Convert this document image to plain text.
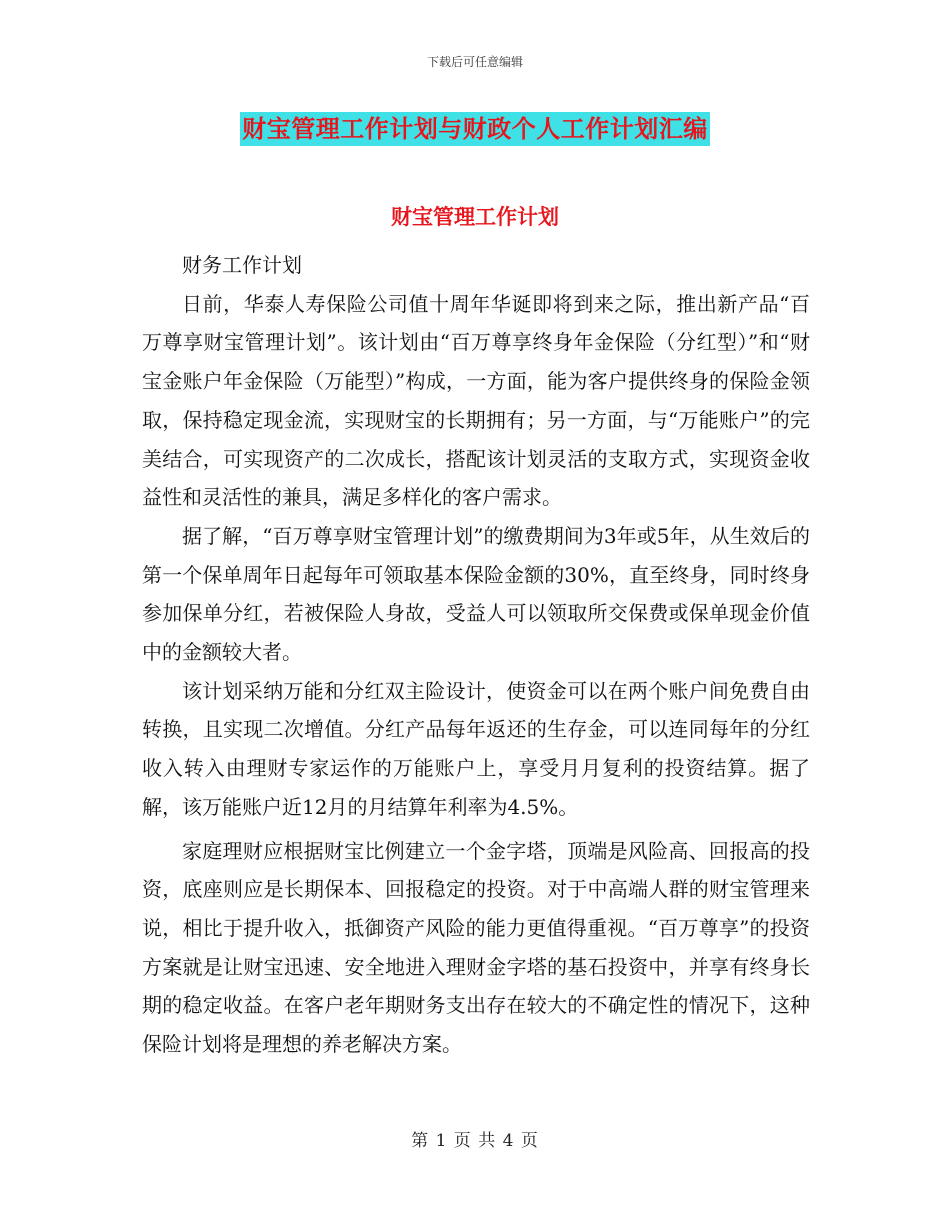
下载后可任意编辑
财宝管理工作计划与财政个人工作计划汇编
财宝管理工作计划

财务工作计划

日前，华泰人寿保险公司值十周年华诞即将到来之际，推出新产品“百万尊享财宝管理计划”。该计划由“百万尊享终身年金保险（分红型）”和“财宝金账户年金保险（万能型）”构成，一方面，能为客户提供终身的保险金领取，保持稳定现金流，实现财宝的长期拥有；另一方面，与“万能账户”的完美结合，可实现资产的二次成长，搭配该计划灵活的支取方式，实现资金收益性和灵活性的兼具，满足多样化的客户需求。

据了解，“百万尊享财宝管理计划”的缴费期间为3年或5年，从生效后的第一个保单周年日起每年可领取基本保险金额的30%，直至终身，同时终身参加保单分红，若被保险人身故，受益人可以领取所交保费或保单现金价值中的金额较大者。

该计划采纳万能和分红双主险设计，使资金可以在两个账户间免费自由转换，且实现二次增值。分红产品每年返还的生存金，可以连同每年的分红收入转入由理财专家运作的万能账户上，享受月月复利的投资结算。据了解，该万能账户近12月的月结算年利率为4.5%。

家庭理财应根据财宝比例建立一个金字塔，顶端是风险高、回报高的投资，底座则应是长期保本、回报稳定的投资。对于中高端人群的财宝管理来说，相比于提升收入，抵御资产风险的能力更值得重视。“百万尊享”的投资方案就是让财宝迅速、安全地进入理财金字塔的基石投资中，并享有终身长期的稳定收益。在客户老年期财务支出存在较大的不确定性的情况下，这种保险计划将是理想的养老解决方案。

第 1 页 共 4 页
